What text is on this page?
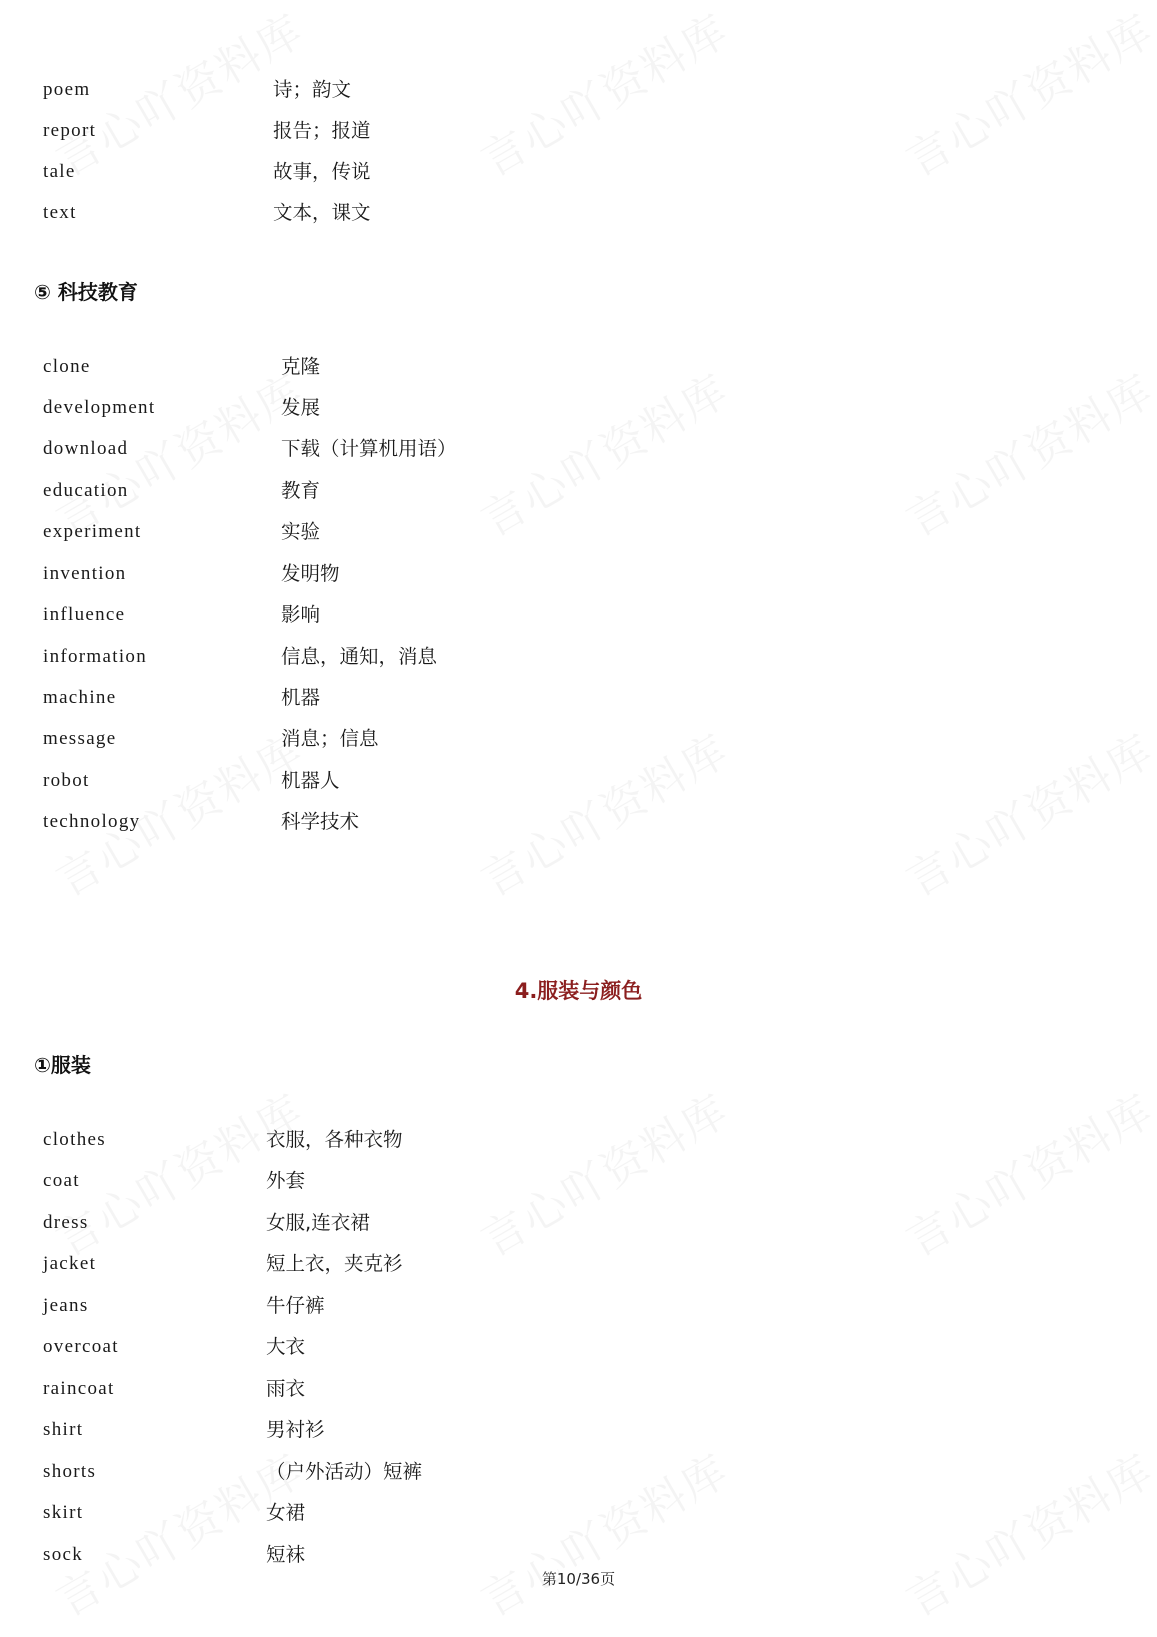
poem	诗；韵文
report	报告；报道
tale	故事，传说
text	文本，课文
⑤ 科技教育
clone	克隆
development	发展
download	下载（计算机用语）
education	教育
experiment	实验
invention	发明物
influence	影响
information	信息，通知，消息
machine	机器
message	消息；信息
robot	机器人
technology	科学技术
4.服装与颜色
①服装
clothes	衣服，各种衣物
coat	外套
dress	女服,连衣裙
jacket	短上衣，夹克衫
jeans	牛仔裤
overcoat	大衣
raincoat	雨衣
shirt	男衬衫
shorts	（户外活动）短裤
skirt	女裙
sock	短袜
第10/36页
